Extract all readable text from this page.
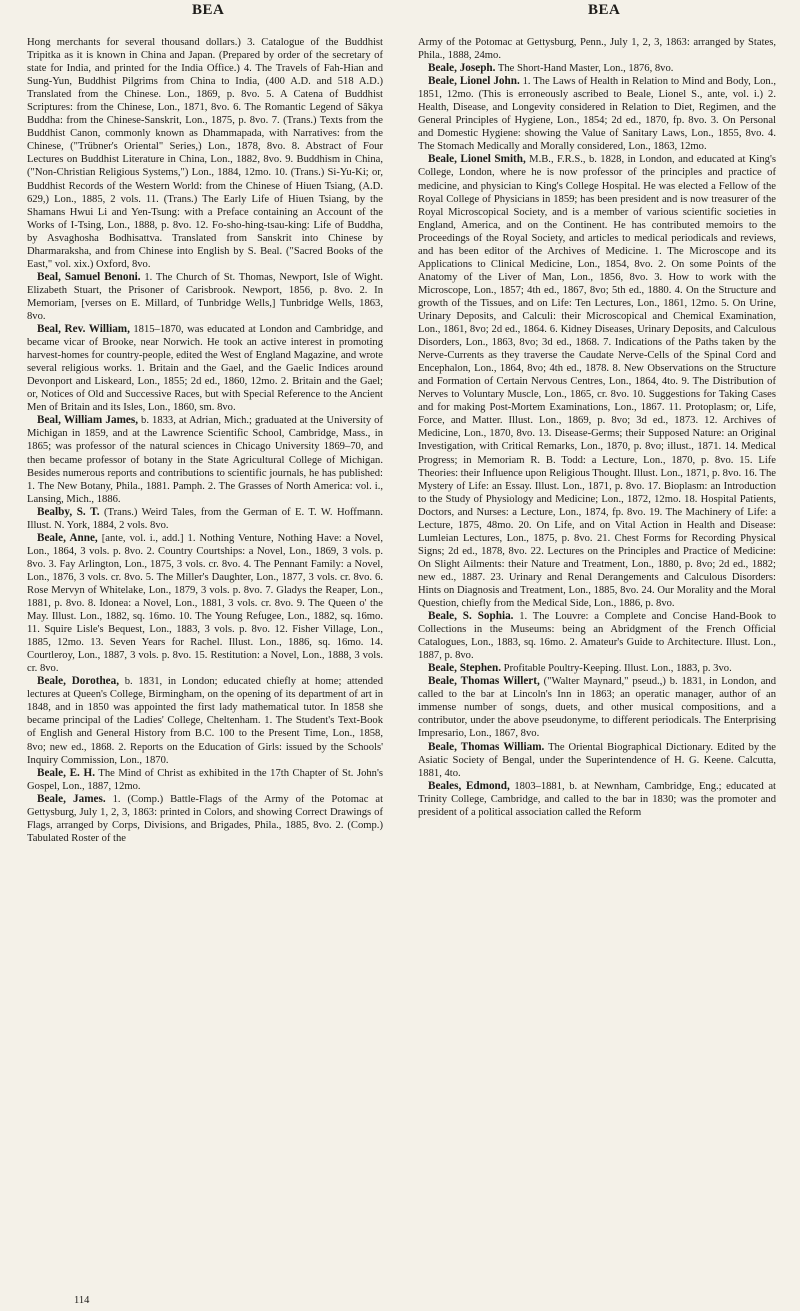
BEA	BEA

Hong merchants for several thousand dollars.) 3. Catalogue of the Buddhist Tripitka as it is known in China and Japan. (Prepared by order of the secretary of state for India, and printed for the India Office.) 4. The Travels of Fah-Hian and Sung-Yun, Buddhist Pilgrims from China to India, (400 A.D. and 518 A.D.) Translated from the Chinese. Lon., 1869, p. 8vo. 5. A Catena of Buddhist Scriptures: from the Chinese, Lon., 1871, 8vo. 6. The Romantic Legend of Sâkya Buddha: from the Chinese-Sanskrit, Lon., 1875, p. 8vo. 7. (Trans.) Texts from the Buddhist Canon, commonly known as Dhammapada, with Narratives: from the Chinese, ("Trübner's Oriental" Series,) Lon., 1878, 8vo. 8. Abstract of Four Lectures on Buddhist Literature in China, Lon., 1882, 8vo. 9. Buddhism in China, ("Non-Christian Religious Systems,") Lon., 1884, 12mo. 10. (Trans.) Si-Yu-Ki; or, Buddhist Records of the Western World: from the Chinese of Hiuen Tsiang, (A.D. 629,) Lon., 1885, 2 vols. 11. (Trans.) The Early Life of Hiuen Tsiang, by the Shamans Hwui Li and Yen-Tsung: with a Preface containing an Account of the Works of I-Tsing, Lon., 1888, p. 8vo. 12. Fo-sho-hing-tsau-king: Life of Buddha, by Asvaghosha Bodhisattva. Translated from Sanskrit into Chinese by Dharmaraksha, and from Chinese into English by S. Beal. ("Sacred Books of the East," vol. xix.) Oxford, 8vo.

Beal, Samuel Benoni. 1. The Church of St. Thomas, Newport, Isle of Wight. Elizabeth Stuart, the Prisoner of Carisbrook. Newport, 1856, p. 8vo. 2. In Memoriam, [verses on E. Millard, of Tunbridge Wells,] Tunbridge Wells, 1863, 8vo.

Beal, Rev. William, 1815–1870, was educated at London and Cambridge, and became vicar of Brooke, near Norwich. He took an active interest in promoting harvest-homes for country-people, edited the West of England Magazine, and wrote several religious works. 1. Britain and the Gael, and the Gaelic Indices around Devonport and Liskeard, Lon., 1855; 2d ed., 1860, 12mo. 2. Britain and the Gael; or, Notices of Old and Successive Races, but with Special Reference to the Ancient Men of Britain and its Isles, Lon., 1860, sm. 8vo.

Beal, William James, b. 1833, at Adrian, Mich.; graduated at the University of Michigan in 1859, and at the Lawrence Scientific School, Cambridge, Mass., in 1865; was professor of the natural sciences in Chicago University 1869–70, and then became professor of botany in the State Agricultural College of Michigan. Besides numerous reports and contributions to scientific journals, he has published: 1. The New Botany, Phila., 1881. Pamph. 2. The Grasses of North America: vol. i., Lansing, Mich., 1886.

Bealby, S. T. (Trans.) Weird Tales, from the German of E. T. W. Hoffmann. Illust. N. York, 1884, 2 vols. 8vo.

Beale, Anne, [ante, vol. i., add.] 1. Nothing Venture, Nothing Have: a Novel, Lon., 1864, 3 vols. p. 8vo. 2. Country Courtships: a Novel, Lon., 1869, 3 vols. p. 8vo. 3. Fay Arlington, Lon., 1875, 3 vols. cr. 8vo. 4. The Pennant Family: a Novel, Lon., 1876, 3 vols. cr. 8vo. 5. The Miller's Daughter, Lon., 1877, 3 vols. cr. 8vo. 6. Rose Mervyn of Whitelake, Lon., 1879, 3 vols. p. 8vo. 7. Gladys the Reaper, Lon., 1881, p. 8vo. 8. Idonea: a Novel, Lon., 1881, 3 vols. cr. 8vo. 9. The Queen o' the May. Illust. Lon., 1882, sq. 16mo. 10. The Young Refugee, Lon., 1882, sq. 16mo. 11. Squire Lisle's Bequest, Lon., 1883, 3 vols. p. 8vo. 12. Fisher Village, Lon., 1885, 12mo. 13. Seven Years for Rachel. Illust. Lon., 1886, sq. 16mo. 14. Courtleroy, Lon., 1887, 3 vols. p. 8vo. 15. Restitution: a Novel, Lon., 1888, 3 vols. cr. 8vo.

Beale, Dorothea, b. 1831, in London; educated chiefly at home; attended lectures at Queen's College, Birmingham, on the opening of its department of art in 1848, and in 1850 was appointed the first lady mathematical tutor. In 1858 she became principal of the Ladies' College, Cheltenham. 1. The Student's Text-Book of English and General History from B.C. 100 to the Present Time, Lon., 1858, 8vo; new ed., 1868. 2. Reports on the Education of Girls: issued by the Schools' Inquiry Commission, Lon., 1870.

Beale, E. H. The Mind of Christ as exhibited in the 17th Chapter of St. John's Gospel, Lon., 1887, 12mo.

Beale, James. 1. (Comp.) Battle-Flags of the Army of the Potomac at Gettysburg, July 1, 2, 3, 1863: printed in Colors, and showing Correct Drawings of Flags, arranged by Corps, Divisions, and Brigades, Phila., 1885, 8vo. 2. (Comp.) Tabulated Roster of the

Army of the Potomac at Gettysburg, Penn., July 1, 2, 3, 1863: arranged by States, Phila., 1888, 24mo.

Beale, Joseph. The Short-Hand Master, Lon., 1876, 8vo.

Beale, Lionel John. 1. The Laws of Health in Relation to Mind and Body, Lon., 1851, 12mo. (This is erroneously ascribed to Beale, Lionel S., ante, vol. i.) 2. Health, Disease, and Longevity considered in Relation to Diet, Regimen, and the General Principles of Hygiene, Lon., 1854; 2d ed., 1870, fp. 8vo. 3. On Personal and Domestic Hygiene: showing the Value of Sanitary Laws, Lon., 1855, 8vo. 4. The Stomach Medically and Morally considered, Lon., 1863, 12mo.

Beale, Lionel Smith, M.B., F.R.S., b. 1828, in London, and educated at King's College, London, where he is now professor of the principles and practice of medicine, and physician to King's College Hospital. He was elected a Fellow of the Royal College of Physicians in 1859; has been president and is now treasurer of the Royal Microscopical Society, and is a member of various scientific societies in England, America, and on the Continent. He has contributed memoirs to the Proceedings of the Royal Society, and articles to medical periodicals and reviews, and has been editor of the Archives of Medicine. 1. The Microscope and its Applications to Clinical Medicine, Lon., 1854, 8vo. 2. On some Points of the Anatomy of the Liver of Man, Lon., 1856, 8vo. 3. How to work with the Microscope, Lon., 1857; 4th ed., 1867, 8vo; 5th ed., 1880. 4. On the Structure and growth of the Tissues, and on Life: Ten Lectures, Lon., 1861, 12mo. 5. On Urine, Urinary Deposits, and Calculi: their Microscopical and Chemical Examination, Lon., 1861, 8vo; 2d ed., 1864. 6. Kidney Diseases, Urinary Deposits, and Calculous Disorders, Lon., 1863, 8vo; 3d ed., 1868. 7. Indications of the Paths taken by the Nerve-Currents as they traverse the Caudate Nerve-Cells of the Spinal Cord and Encephalon, Lon., 1864, 8vo; 4th ed., 1878. 8. New Observations on the Structure and Formation of Certain Nervous Centres, Lon., 1864, 4to. 9. The Distribution of Nerves to Voluntary Muscle, Lon., 1865, cr. 8vo. 10. Suggestions for Taking Cases and for making Post-Mortem Examinations, Lon., 1867. 11. Protoplasm; or, Life, Force, and Matter. Illust. Lon., 1869, p. 8vo; 3d ed., 1873. 12. Archives of Medicine, Lon., 1870, 8vo. 13. Disease-Germs; their Supposed Nature: an Original Investigation, with Critical Remarks, Lon., 1870, p. 8vo; illust., 1871. 14. Medical Progress; in Memoriam R. B. Todd: a Lecture, Lon., 1870, p. 8vo. 15. Life Theories: their Influence upon Religious Thought. Illust. Lon., 1871, p. 8vo. 16. The Mystery of Life: an Essay. Illust. Lon., 1871, p. 8vo. 17. Bioplasm: an Introduction to the Study of Physiology and Medicine; Lon., 1872, 12mo. 18. Hospital Patients, Doctors, and Nurses: a Lecture, Lon., 1874, fp. 8vo. 19. The Machinery of Life: a Lecture, 1875, 48mo. 20. On Life, and on Vital Action in Health and Disease: Lumleian Lectures, Lon., 1875, p. 8vo. 21. Chest Forms for Recording Physical Signs; 2d ed., 1878, 8vo. 22. Lectures on the Principles and Practice of Medicine: On Slight Ailments: their Nature and Treatment, Lon., 1880, p. 8vo; 2d ed., 1882; new ed., 1887. 23. Urinary and Renal Derangements and Calculous Disorders: Hints on Diagnosis and Treatment, Lon., 1885, 8vo. 24. Our Morality and the Moral Question, chiefly from the Medical Side, Lon., 1886, p. 8vo.

Beale, S. Sophia. 1. The Louvre: a Complete and Concise Hand-Book to Collections in the Museums: being an Abridgment of the French Official Catalogues, Lon., 1883, sq. 16mo. 2. Amateur's Guide to Architecture. Illust. Lon., 1887, p. 8vo.

Beale, Stephen. Profitable Poultry-Keeping. Illust. Lon., 1883, p. 3vo.

Beale, Thomas Willert, ("Walter Maynard," pseud.,) b. 1831, in London, and called to the bar at Lincoln's Inn in 1863; an operatic manager, author of an immense number of songs, duets, and other musical compositions, and a contributor, under the above pseudonyme, to different periodicals. The Enterprising Impresario, Lon., 1867, 8vo.

Beale, Thomas William. The Oriental Biographical Dictionary. Edited by the Asiatic Society of Bengal, under the Superintendence of H. G. Keene. Calcutta, 1881, 4to.

Beales, Edmond, 1803–1881, b. at Newnham, Cambridge, Eng.; educated at Trinity College, Cambridge, and called to the bar in 1830; was the promoter and president of a political association called the Reform

114
